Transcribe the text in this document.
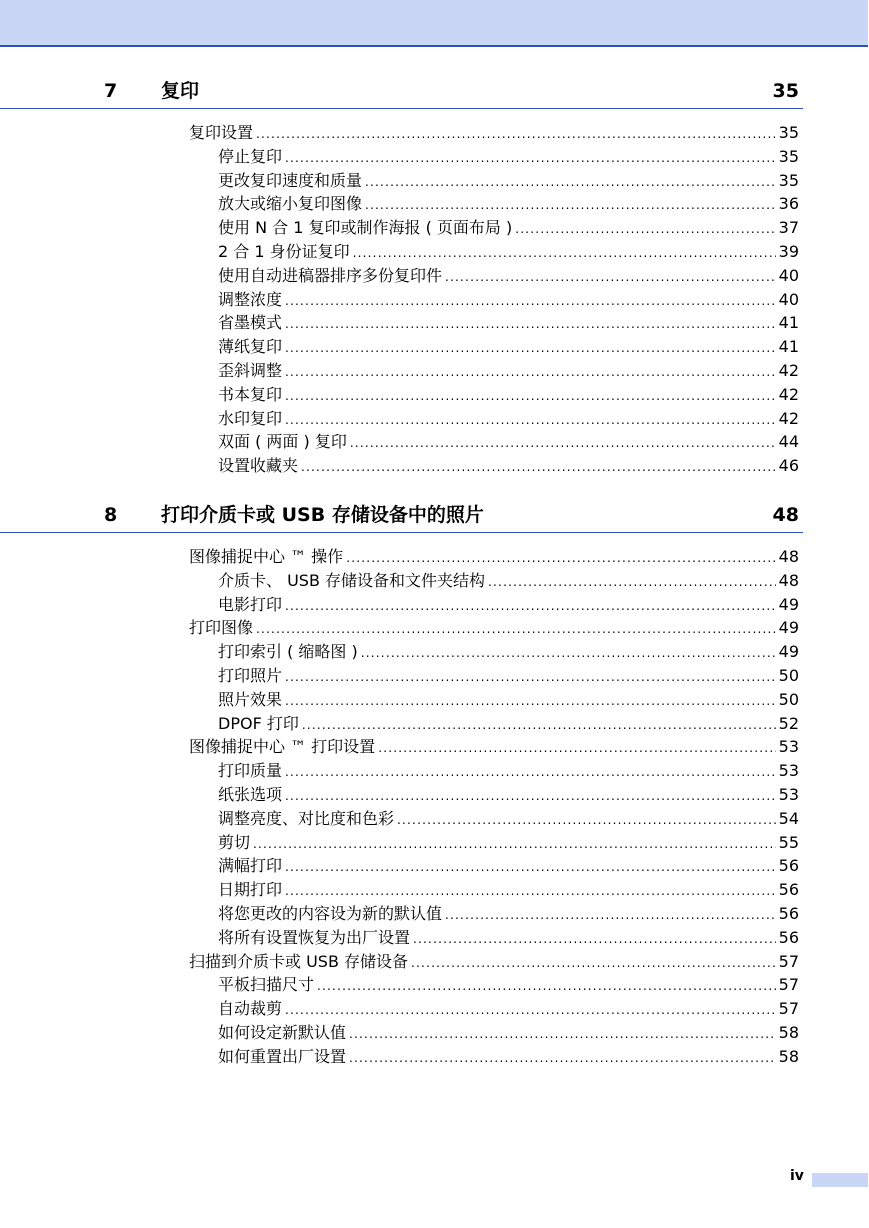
7 复印	35
复印设置 .....	35
停止复印 .....	35
更改复印速度和质量 .....	35
放大或缩小复印图像 .....	36
使用 N 合 1 复印或制作海报 ( 页面布局 ) .....	37
2 合 1 身份证复印 .....	39
使用自动进稿器排序多份复印件 .....	40
调整浓度 .....	40
省墨模式 .....	41
薄纸复印 .....	41
歪斜调整 .....	42
书本复印 .....	42
水印复印 .....	42
双面 ( 两面 ) 复印 .....	44
设置收藏夹 .....	46
8 打印介质卡或 USB 存储设备中的照片	48
图像捕捉中心 ™ 操作 .....	48
介质卡、 USB 存储设备和文件夹结构 .....	48
电影打印 .....	49
打印图像 .....	49
打印索引 ( 缩略图 ) .....	49
打印照片 .....	50
照片效果 .....	50
DPOF 打印 .....	52
图像捕捉中心 ™ 打印设置 .....	53
打印质量 .....	53
纸张选项 .....	53
调整亮度、对比度和色彩 .....	54
剪切 .....	55
满幅打印 .....	56
日期打印 .....	56
将您更改的内容设为新的默认值 .....	56
将所有设置恢复为出厂设置 .....	56
扫描到介质卡或 USB 存储设备 .....	57
平板扫描尺寸 .....	57
自动裁剪 .....	57
如何设定新默认值 .....	58
如何重置出厂设置 .....	58
iv
